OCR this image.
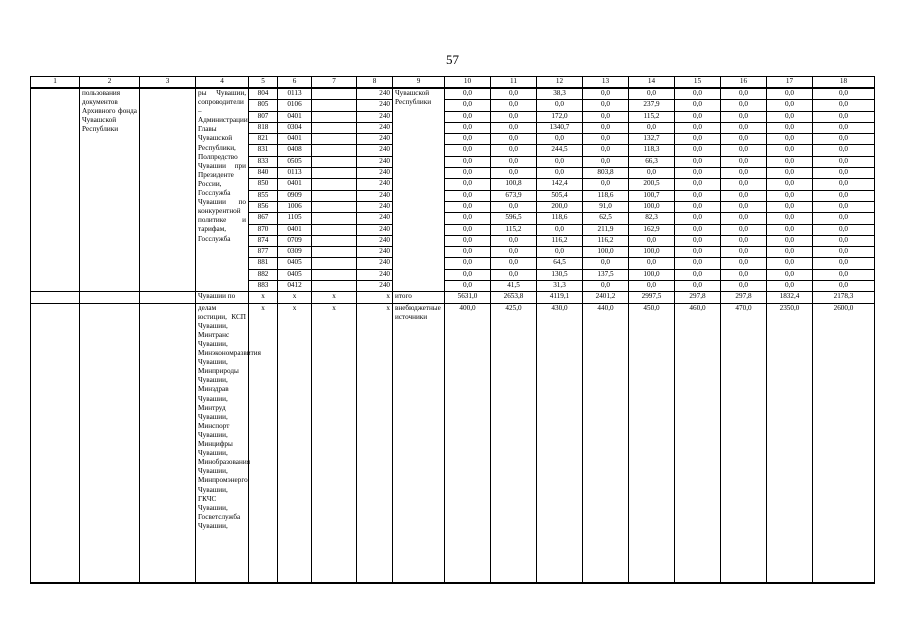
57
1	2	3	4	5	6	7	8	9	10	11	12	13	14	15	16	17	18
	пользования документов Архивного фонда Чувашской Республики		ры Чувашии, сопроводители – Администрации Главы Чувашской Республики, Полпредство Чувашии при Президенте России, Госслужба Чувашии по конкурентной политике и тарифам, Госслужба	804	0113		240	Чувашской Республики	0,0	0,0	38,3	0,0	0,0	0,0	0,0	0,0	0,0
				805	0106		240		0,0	0,0	0,0	0,0	237,9	0,0	0,0	0,0	0,0
				807	0401		240		0,0	0,0	172,0	0,0	115,2	0,0	0,0	0,0	0,0
				818	0304		240		0,0	0,0	1340,7	0,0	0,0	0,0	0,0	0,0	0,0
				821	0401		240		0,0	0,0	0,0	0,0	132,7	0,0	0,0	0,0	0,0
				831	0408		240		0,0	0,0	244,5	0,0	118,3	0,0	0,0	0,0	0,0
				833	0505		240		0,0	0,0	0,0	0,0	66,3	0,0	0,0	0,0	0,0
				840	0113		240		0,0	0,0	0,0	803,8	0,0	0,0	0,0	0,0	0,0
				850	0401		240		0,0	100,8	142,4	0,0	200,5	0,0	0,0	0,0	0,0
				855	0909		240		0,0	673,9	505,4	118,6	100,7	0,0	0,0	0,0	0,0
				856	1006		240		0,0	0,0	200,0	91,0	100,0	0,0	0,0	0,0	0,0
				867	1105		240		0,0	596,5	118,6	62,5	82,3	0,0	0,0	0,0	0,0
				870	0401		240		0,0	115,2	0,0	211,9	162,9	0,0	0,0	0,0	0,0
				874	0709		240		0,0	0,0	116,2	116,2	0,0	0,0	0,0	0,0	0,0
				877	0309		240		0,0	0,0	0,0	100,0	100,0	0,0	0,0	0,0	0,0
				881	0405		240		0,0	0,0	64,5	0,0	0,0	0,0	0,0	0,0	0,0
				882	0405		240		0,0	0,0	130,5	137,5	100,0	0,0	0,0	0,0	0,0
				883	0412		240		0,0	41,5	31,3	0,0	0,0	0,0	0,0	0,0	0,0
			Чувашии по	x	x	x	x	итого	5631,0	2653,8	4119,1	2401,2	2997,5	297,8	297,8	1832,4	2178,3
			делам юстиции, КСП Чувашии, Минтранс Чувашии, Минэкономразвития Чувашии, Минприроды Чувашии, Минздрав Чувашии, Минтруд Чувашии, Минспорт Чувашии, Минцифры Чувашии, Минобразования Чувашии, Минпромэнерго Чувашии, ГКЧС Чувашии, Госветслужба Чувашии,	x	x	x	x	внебюджетные источники	400,0	425,0	430,0	440,0	450,0	460,0	470,0	2350,0	2600,0
